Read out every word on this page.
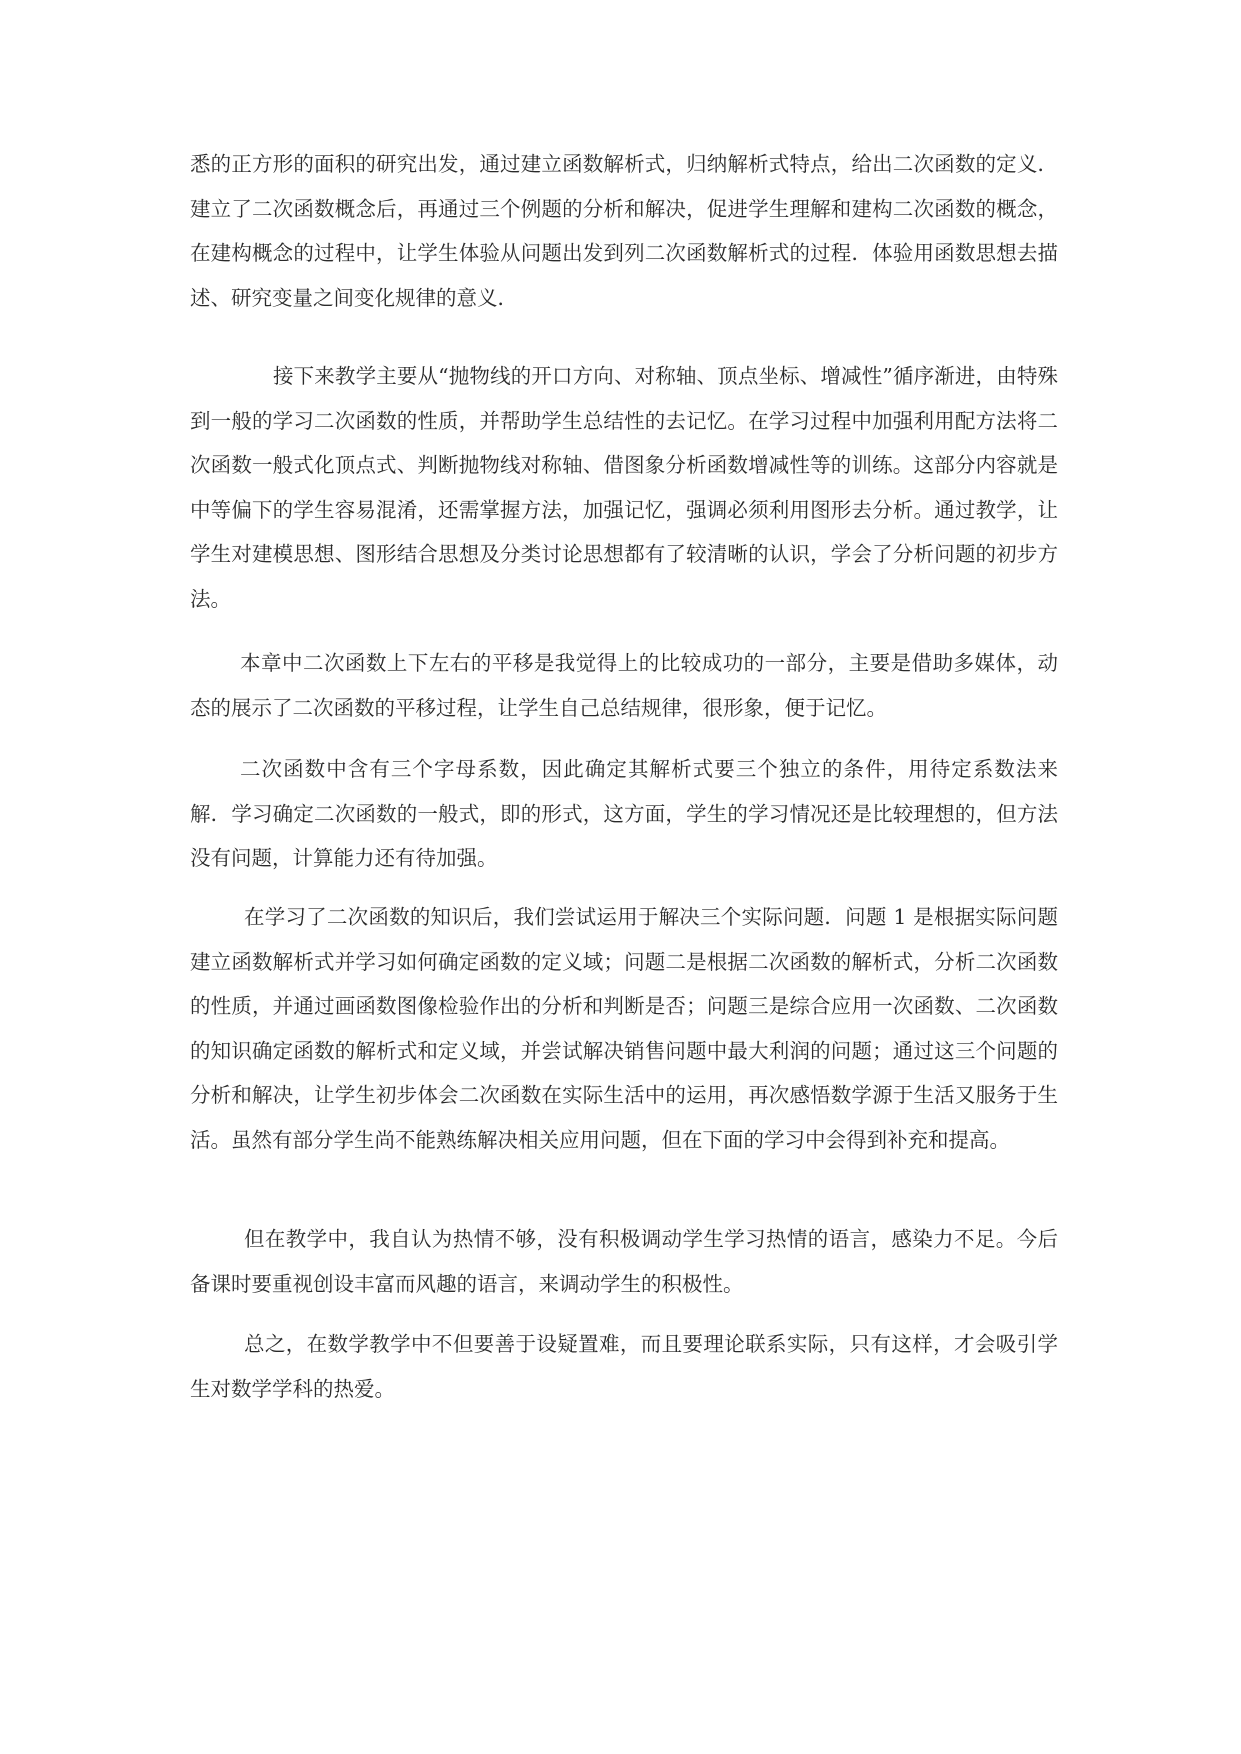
悉的正方形的面积的研究出发，通过建立函数解析式，归纳解析式特点，给出二次函数的定义．建立了二次函数概念后，再通过三个例题的分析和解决，促进学生理解和建构二次函数的概念，在建构概念的过程中，让学生体验从问题出发到列二次函数解析式的过程．体验用函数思想去描述、研究变量之间变化规律的意义．

接下来教学主要从“抛物线的开口方向、对称轴、顶点坐标、增减性”循序渐进，由特殊到一般的学习二次函数的性质，并帮助学生总结性的去记忆。在学习过程中加强利用配方法将二次函数一般式化顶点式、判断抛物线对称轴、借图象分析函数增减性等的训练。这部分内容就是中等偏下的学生容易混淆，还需掌握方法，加强记忆，强调必须利用图形去分析。通过教学，让学生对建模思想、图形结合思想及分类讨论思想都有了较清晰的认识，学会了分析问题的初步方法。

本章中二次函数上下左右的平移是我觉得上的比较成功的一部分，主要是借助多媒体，动态的展示了二次函数的平移过程，让学生自己总结规律，很形象，便于记忆。

二次函数中含有三个字母系数，因此确定其解析式要三个独立的条件，用待定系数法来解．学习确定二次函数的一般式，即的形式，这方面，学生的学习情况还是比较理想的，但方法没有问题，计算能力还有待加强。

在学习了二次函数的知识后，我们尝试运用于解决三个实际问题．问题 1 是根据实际问题建立函数解析式并学习如何确定函数的定义域；问题二是根据二次函数的解析式，分析二次函数的性质，并通过画函数图像检验作出的分析和判断是否；问题三是综合应用一次函数、二次函数的知识确定函数的解析式和定义域，并尝试解决销售问题中最大利润的问题；通过这三个问题的分析和解决，让学生初步体会二次函数在实际生活中的运用，再次感悟数学源于生活又服务于生活。虽然有部分学生尚不能熟练解决相关应用问题，但在下面的学习中会得到补充和提高。

但在教学中，我自认为热情不够，没有积极调动学生学习热情的语言，感染力不足。今后备课时要重视创设丰富而风趣的语言，来调动学生的积极性。

总之，在数学教学中不但要善于设疑置难，而且要理论联系实际，只有这样，才会吸引学生对数学学科的热爱。
